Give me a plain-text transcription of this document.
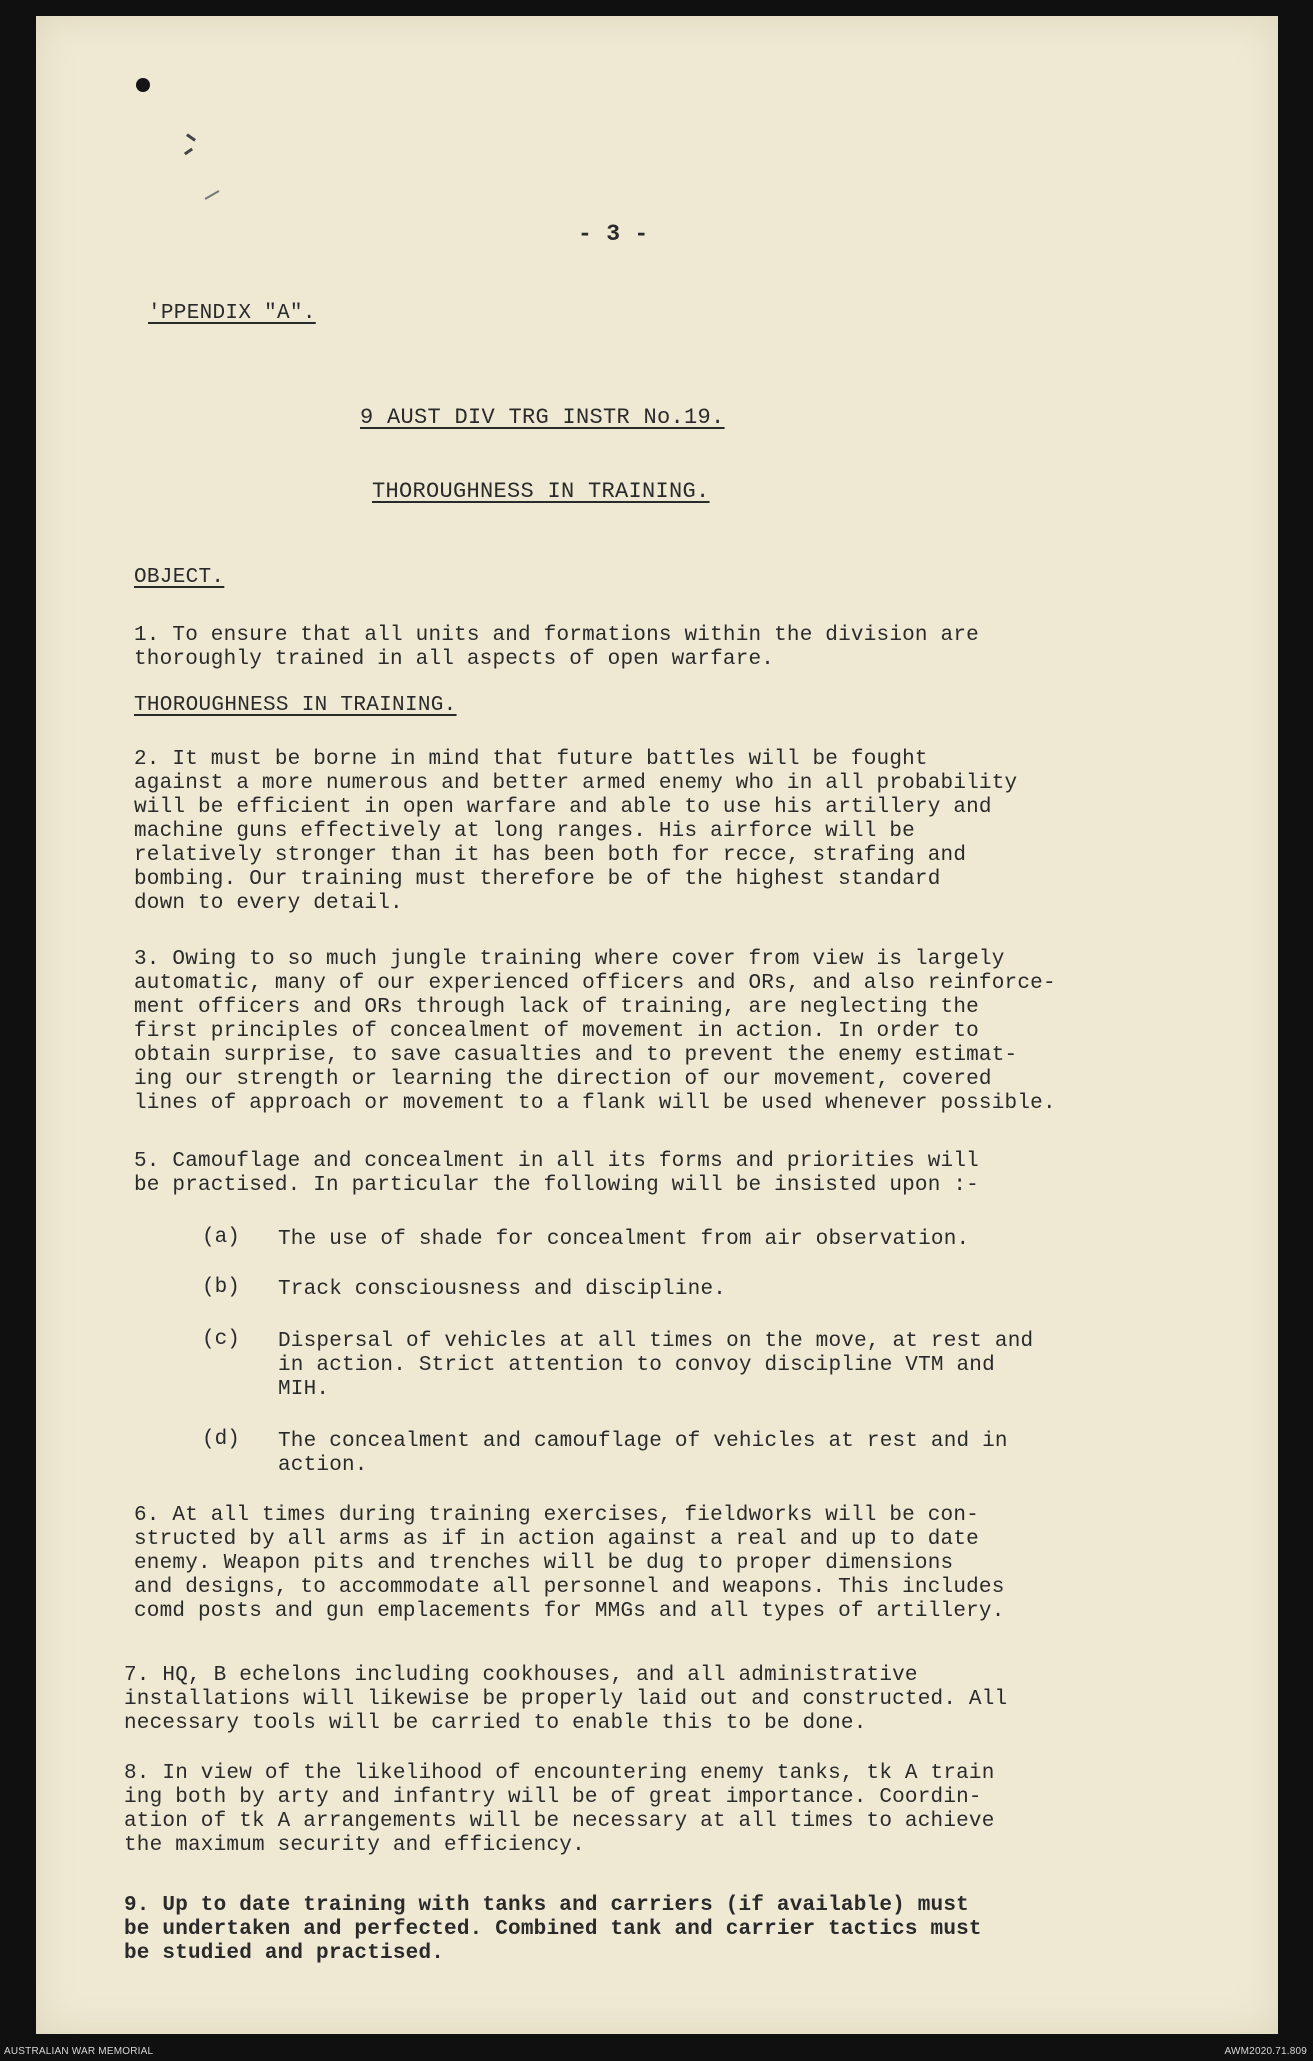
- 3 -
'PPENDIX "A".
9 AUST DIV TRG INSTR No.19.
THOROUGHNESS IN TRAINING.
OBJECT.
1. To ensure that all units and formations within the division are
thoroughly trained in all aspects of open warfare.
THOROUGHNESS IN TRAINING.
2. It must be borne in mind that future battles will be fought
against a more numerous and better armed enemy who in all probability
will be efficient in open warfare and able to use his artillery and
machine guns effectively at long ranges. His airforce will be
relatively stronger than it has been both for recce, strafing and
bombing. Our training must therefore be of the highest standard
down to every detail.
3. Owing to so much jungle training where cover from view is largely
automatic, many of our experienced officers and ORs, and also reinforce-
ment officers and ORs through lack of training, are neglecting the
first principles of concealment of movement in action. In order to
obtain surprise, to save casualties and to prevent the enemy estimat-
ing our strength or learning the direction of our movement, covered
lines of approach or movement to a flank will be used whenever possible.
5. Camouflage and concealment in all its forms and priorities will
be practised. In particular the following will be insisted upon :-
(a) The use of shade for concealment from air observation.
(b) Track consciousness and discipline.
(c) Dispersal of vehicles at all times on the move, at rest and
in action. Strict attention to convoy discipline VTM and
MIH.
(d) The concealment and camouflage of vehicles at rest and in
action.
6. At all times during training exercises, fieldworks will be con-
structed by all arms as if in action against a real and up to date
enemy. Weapon pits and trenches will be dug to proper dimensions
and designs, to accommodate all personnel and weapons. This includes
comd posts and gun emplacements for MMGs and all types of artillery.
7. HQ, B echelons including cookhouses, and all administrative
installations will likewise be properly laid out and constructed. All
necessary tools will be carried to enable this to be done.
8. In view of the likelihood of encountering enemy tanks, tk A train
ing both by arty and infantry will be of great importance. Coordin-
ation of tk A arrangements will be necessary at all times to achieve
the maximum security and efficiency.
9. Up to date training with tanks and carriers (if available) must
be undertaken and perfected. Combined tank and carrier tactics must
be studied and practised.
AUSTRALIAN WAR MEMORIAL	AWM2020.71.809
